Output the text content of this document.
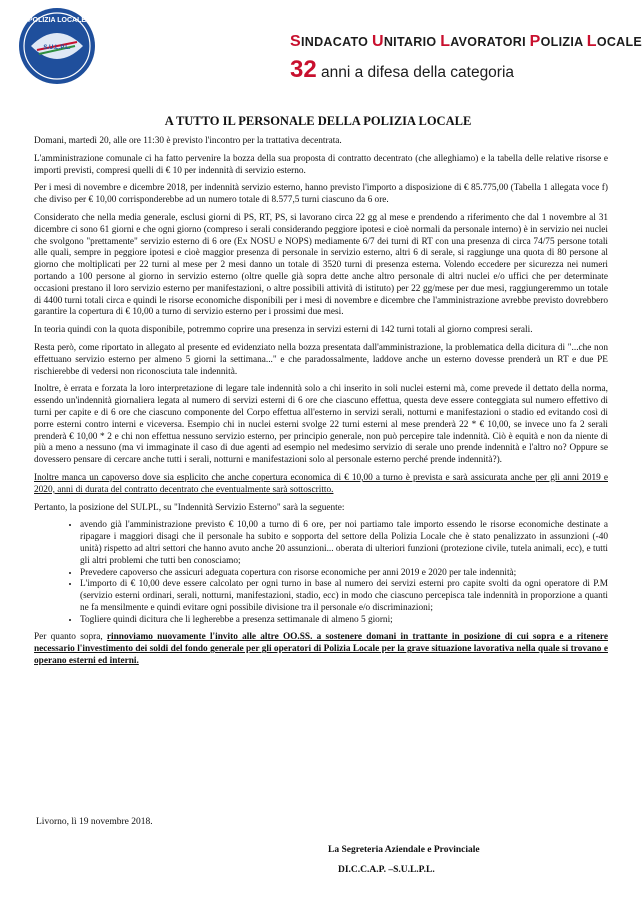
POLIZIA LOCALE
S.U.L.P.L.	SINDACATO UNITARIO LAVORATORI POLIZIA LOCALE
32 anni a difesa della categoria
A TUTTO IL PERSONALE DELLA POLIZIA LOCALE

Domani, martedì 20, alle ore 11:30 è previsto l'incontro per la trattativa decentrata.

L'amministrazione comunale ci ha fatto pervenire la bozza della sua proposta di contratto decentrato (che alleghiamo) e la tabella delle relative risorse e importi previsti, compresi quelli di € 10 per indennità di servizio esterno.

Per i mesi di novembre e dicembre 2018, per indennità servizio esterno, hanno previsto l'importo a disposizione di € 85.775,00 (Tabella 1 allegata voce f) che diviso per € 10,00 corrisponderebbe ad un numero totale di 8.577,5 turni ciascuno da 6 ore.

Considerato che nella media generale, esclusi giorni di PS, RT, PS, si lavorano circa 22 gg al mese e prendendo a riferimento che dal 1 novembre al 31 dicembre ci sono 61 giorni e che ogni giorno (compreso i serali considerando peggiore ipotesi e cioè normali da personale interno) è in servizio nei nuclei che svolgono "prettamente" servizio esterno di 6 ore (Ex NOSU e NOPS) mediamente 6/7 dei turni di RT con una presenza di circa 74/75 persone totali alle quali, sempre in peggiore ipotesi e cioè maggior presenza di personale in servizio esterno, altri 6 di serale, si raggiunge una quota di 80 persone al giorno che moltiplicati per 22 turni al mese per 2 mesi danno un totale di 3520 turni di presenza esterna. Volendo eccedere per sicurezza nei numeri portando a 100 persone al giorno in servizio esterno (oltre quelle già sopra dette anche altro personale di altri nuclei e/o uffici che per determinate occasioni prestano il loro servizio esterno per manifestazioni, o altre possibili attività di istituto) per 22 gg/mese per due mesi, raggiungeremmo un totale di 4400 turni totali circa e quindi le risorse economiche disponibili per i mesi di novembre e dicembre che l'amministrazione avrebbe previsto dovrebbero garantire la copertura di € 10,00 a turno di servizio esterno per i prossimi due mesi.

In teoria quindi con la quota disponibile, potremmo coprire una presenza in servizi esterni di 142 turni totali al giorno compresi serali.

Resta però, come riportato in allegato al presente ed evidenziato nella bozza presentata dall'amministrazione, la problematica della dicitura di "...che non effettuano servizio esterno per almeno 5 giorni la settimana..." e che paradossalmente, laddove anche un esterno dovesse prenderà un RT e due PE rischierebbe di vedersi non riconosciuta tale indennità.

Inoltre, è errata e forzata la loro interpretazione di legare tale indennità solo a chi inserito in soli nuclei esterni mà, come prevede il dettato della norma, essendo un'indennità giornaliera legata al numero di servizi esterni di 6 ore che ciascuno effettua, questa deve essere conteggiata sul numero effettivo di turni per capite e di 6 ore che ciascuno componente del Corpo effettua all'esterno in servizi serali, notturni e manifestazioni o stadio ed evitando così di porre esterni contro interni e viceversa. Esempio chi in nuclei esterni svolge 22 turni esterni al mese prenderà 22 * € 10,00, se invece uno fa 2 serali prenderà € 10,00 * 2 e chi non effettua nessuno servizio esterno, per principio generale, non può percepire tale indennità. Ciò è equità e non da niente di più a meno a nessuno (ma vi immaginate il caso di due agenti ad esempio nel medesimo servizio di serale uno prende indennità e l'altro no? Oppure se dovessero pensare di cercare anche tutti i serali, notturni e manifestazioni solo al personale esterno perché prende indennità?).

Inoltre manca un capoverso dove sia esplicito che anche copertura economica di € 10,00 a turno è prevista e sarà assicurata anche per gli anni 2019 e 2020, anni di durata del contratto decentrato che eventualmente sarà sottoscritto.

Pertanto, la posizione del SULPL, su "Indennità Servizio Esterno" sarà la seguente:

• avendo già l'amministrazione previsto € 10,00 a turno di 6 ore, per noi partiamo tale importo essendo le risorse economiche destinate a ripagare i maggiori disagi che il personale ha subito e sopporta del settore della Polizia Locale che è stato penalizzato in assunzioni (-40 unità) rispetto ad altri settori che hanno avuto anche 20 assunzioni... oberata di ulteriori funzioni (protezione civile, tutela animali, ecc), e tutti gli altri problemi che tutti ben conosciamo;
• Prevedere capoverso che assicuri adeguata copertura con risorse economiche per anni 2019 e 2020 per tale indennità;
• L'importo di € 10,00 deve essere calcolato per ogni turno in base al numero dei servizi esterni pro capite svolti da ogni operatore di P.M (servizio esterni ordinari, serali, notturni, manifestazioni, stadio, ecc) in modo che ciascuno percepisca tale indennità in proporzione a quanti ne fa mensilmente e quindi evitare ogni possibile divisione tra il personale e/o discriminazioni;
• Togliere quindi dicitura che li legherebbe a presenza settimanale di almeno 5 giorni;

Per quanto sopra, rinnoviamo nuovamente l'invito alle altre OO.SS. a sostenere domani in trattante in posizione di cui sopra e a ritenere necessario l'investimento dei soldi del fondo generale per gli operatori di Polizia Locale per la grave situazione lavorativa nella quale si trovano e operano esterni ed interni.

Livorno, lì 19 novembre 2018.
La Segreteria Aziendale e Provinciale
DI.C.C.A.P. –S.U.L.P.L.
